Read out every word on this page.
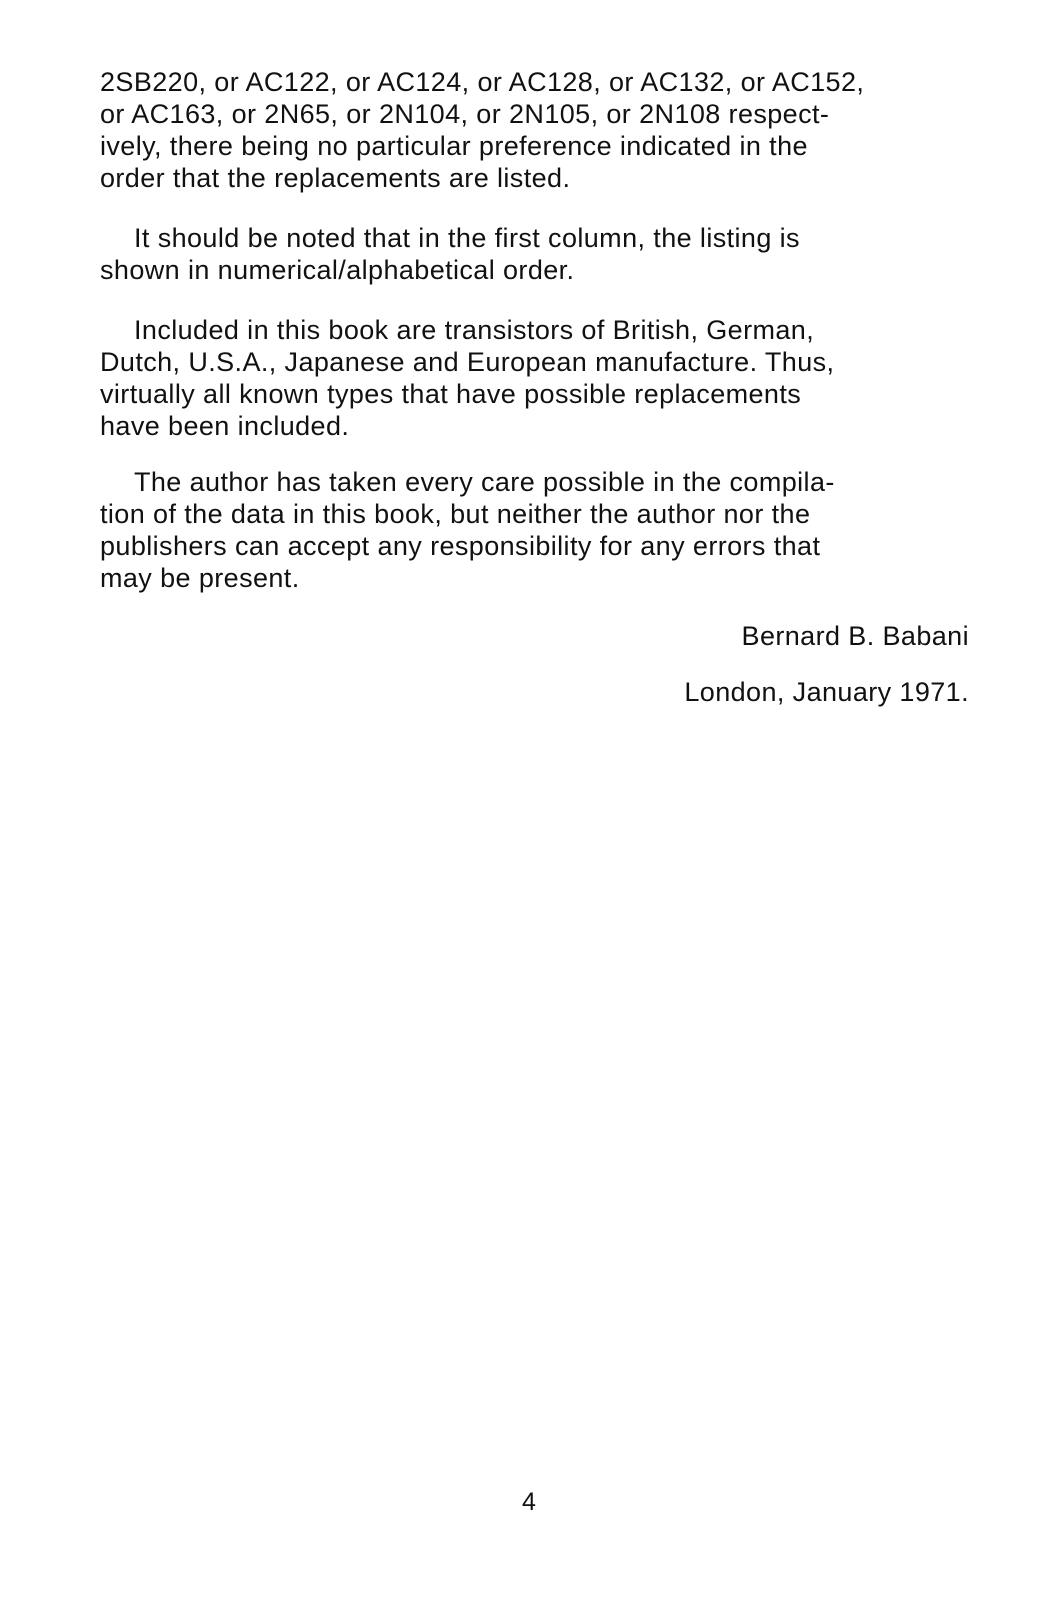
2SB220, or AC122, or AC124, or AC128, or AC132, or AC152,
or AC163, or 2N65, or 2N104, or 2N105, or 2N108 respect-
ively, there being no particular preference indicated in the
order that the replacements are listed.

It should be noted that in the first column, the listing is
shown in numerical/alphabetical order.

Included in this book are transistors of British, German,
Dutch, U.S.A., Japanese and European manufacture. Thus,
virtually all known types that have possible replacements
have been included.

The author has taken every care possible in the compila-
tion of the data in this book, but neither the author nor the
publishers can accept any responsibility for any errors that
may be present.

Bernard B. Babani
London, January 1971.
4
